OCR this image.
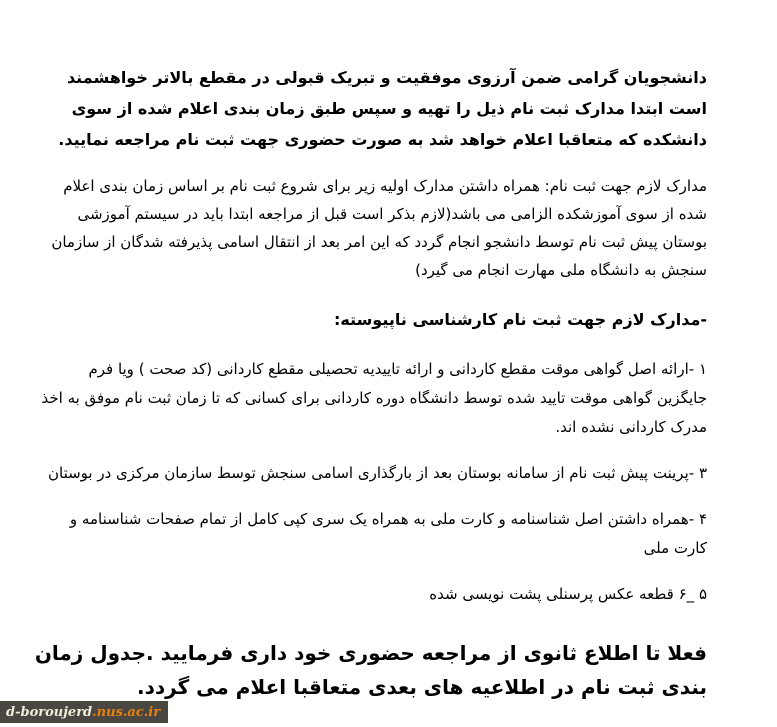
دانشجویان گرامی ضمن آرزوی موفقیت و تبریک قبولی در مقطع بالاتر خواهشمند است ابتدا مدارک ثبت نام ذیل را تهیه و سپس طبق زمان بندی اعلام شده از سوی دانشکده که متعاقبا اعلام خواهد شد به صورت حضوری جهت ثبت نام مراجعه نمایید.

مدارک لازم جهت ثبت نام: همراه داشتن مدارک اولیه زیر برای شروع ثبت نام بر اساس زمان بندی اعلام شده از سوی آموزشکده الزامی می باشد(لازم بذکر است قبل از مراجعه ابتدا باید در سیستم آموزشی بوستان پیش ثبت نام توسط دانشجو انجام گردد که این امر بعد از انتقال اسامی پذیرفته شدگان از سازمان سنجش به دانشگاه ملی مهارت انجام می گیرد)

-مدارک لازم جهت ثبت نام کارشناسی ناپیوسته:

۱ -ارائه اصل گواهی موقت مقطع کاردانی و ارائه تاییدیه تحصیلی مقطع کاردانی (کد صحت ) ویا فرم جایگزین گواهی موقت تایید شده توسط دانشگاه دوره کاردانی برای کسانی که تا زمان ثبت نام موفق به اخذ مدرک کاردانی نشده اند.

۳ -پرینت پیش ثبت نام از سامانه بوستان بعد از بارگذاری اسامی سنجش توسط سازمان مرکزی در بوستان

۴ -همراه داشتن اصل شناسنامه و کارت ملی به همراه یک سری کپی کامل از تمام صفحات شناسنامه و کارت ملی

۵ _۶ قطعه عکس پرسنلی پشت نویسی شده

فعلا تا اطلاع ثانوی از مراجعه حضوری خود داری فرمایید .جدول زمان بندی ثبت نام در اطلاعیه های بعدی متعاقبا اعلام می گردد.

d-boroujerd .nus.ac.ir
